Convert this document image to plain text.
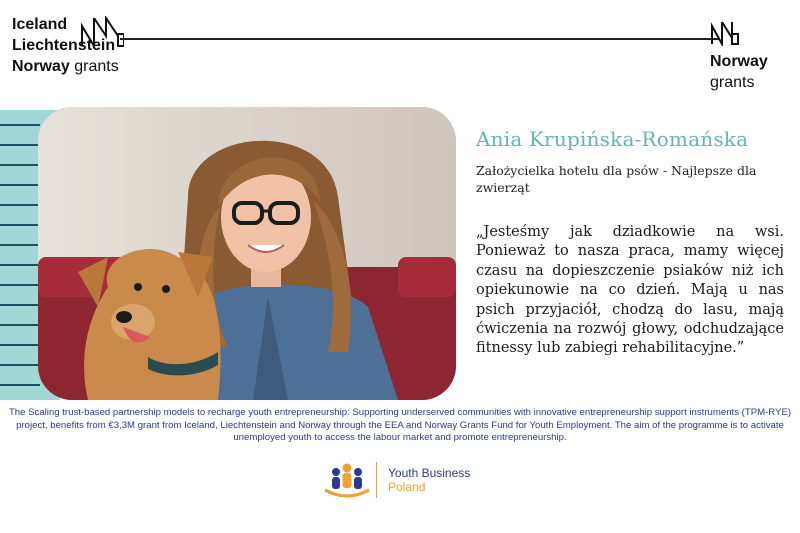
Iceland
Liechtenstein
Norway grants	Norway
grants
Ania Krupińska-Romańska
Założycielka hotelu dla psów - Najlepsze dla zwierząt
„Jesteśmy jak dziadkowie na wsi. Ponieważ to nasza praca, mamy więcej czasu na dopieszczenie psiaków niż ich opiekunowie na co dzień. Mają u nas psich przyjaciół, chodzą do lasu, mają ćwiczenia na rozwój głowy, odchudzające fitnessy lub zabiegi rehabilitacyjne.”
The Scaling trust-based partnership models to recharge youth entrepreneurship: Supporting underserved communities with innovative entrepreneurship support instruments (TPM-RYE) project, benefits from €3,3M grant from Iceland, Liechtenstein and Norway through the EEA and Norway Grants Fund for Youth Employment. The aim of the programme is to activate unemployed youth to access the labour market and promote entrepreneurship.
Youth Business
Poland
